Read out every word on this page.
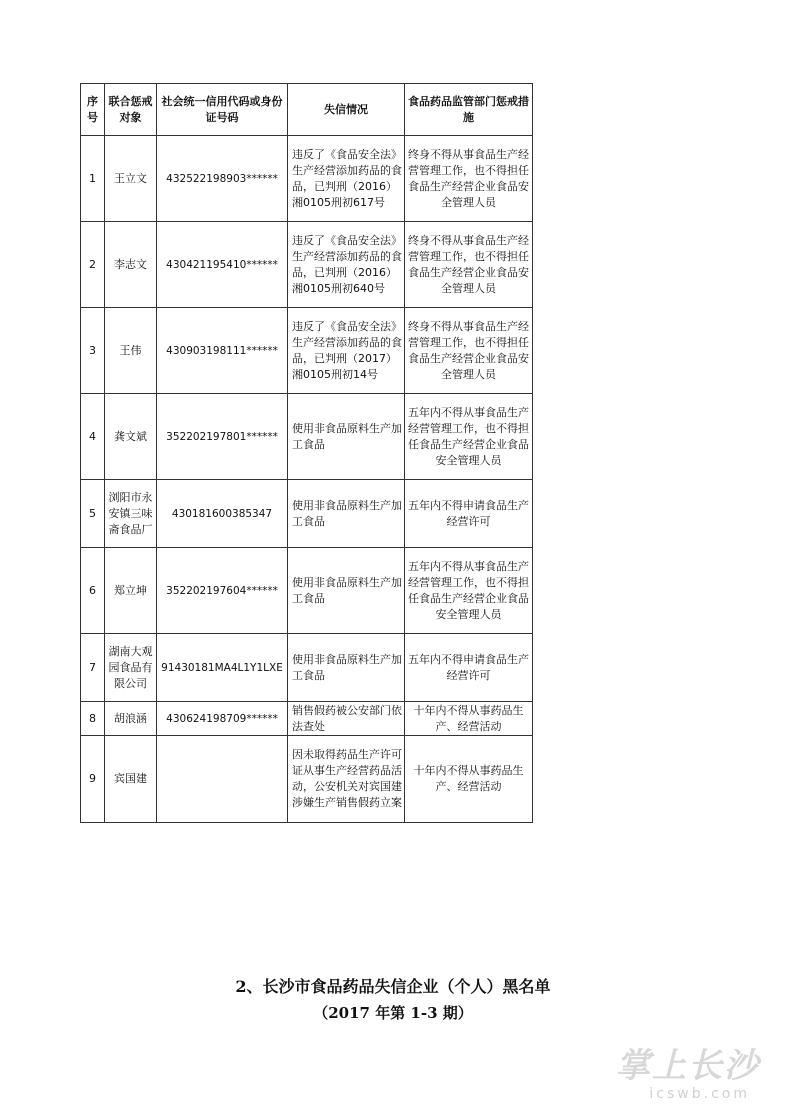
序号	联合惩戒对象	社会统一信用代码或身份证号码	失信情况	食品药品监管部门惩戒措施
1	王立文	432522198903******	违反了《食品安全法》生产经营添加药品的食品，已判刑（2016）湘0105刑初617号	终身不得从事食品生产经营管理工作，也不得担任食品生产经营企业食品安全管理人员
2	李志文	430421195410******	违反了《食品安全法》生产经营添加药品的食品，已判刑（2016）湘0105刑初640号	终身不得从事食品生产经营管理工作，也不得担任食品生产经营企业食品安全管理人员
3	王伟	430903198111******	违反了《食品安全法》生产经营添加药品的食品，已判刑（2017）湘0105刑初14号	终身不得从事食品生产经营管理工作，也不得担任食品生产经营企业食品安全管理人员
4	龚文斌	352202197801******	使用非食品原料生产加工食品	五年内不得从事食品生产经营管理工作，也不得担任食品生产经营企业食品安全管理人员
5	浏阳市永安镇三味斋食品厂	430181600385347	使用非食品原料生产加工食品	五年内不得申请食品生产经营许可
6	郑立坤	352202197604******	使用非食品原料生产加工食品	五年内不得从事食品生产经营管理工作，也不得担任食品生产经营企业食品安全管理人员
7	湖南大观园食品有限公司	91430181MA4L1Y1LXE	使用非食品原料生产加工食品	五年内不得申请食品生产经营许可
8	胡浪涵	430624198709******	销售假药被公安部门依法查处	十年内不得从事药品生产、经营活动
9	宾国建		因未取得药品生产许可证从事生产经营药品活动，公安机关对宾国建涉嫌生产销售假药立案	十年内不得从事药品生产、经营活动
2、长沙市食品药品失信企业（个人）黑名单
（2017 年第 1-3 期）
掌上长沙
icswb.com
